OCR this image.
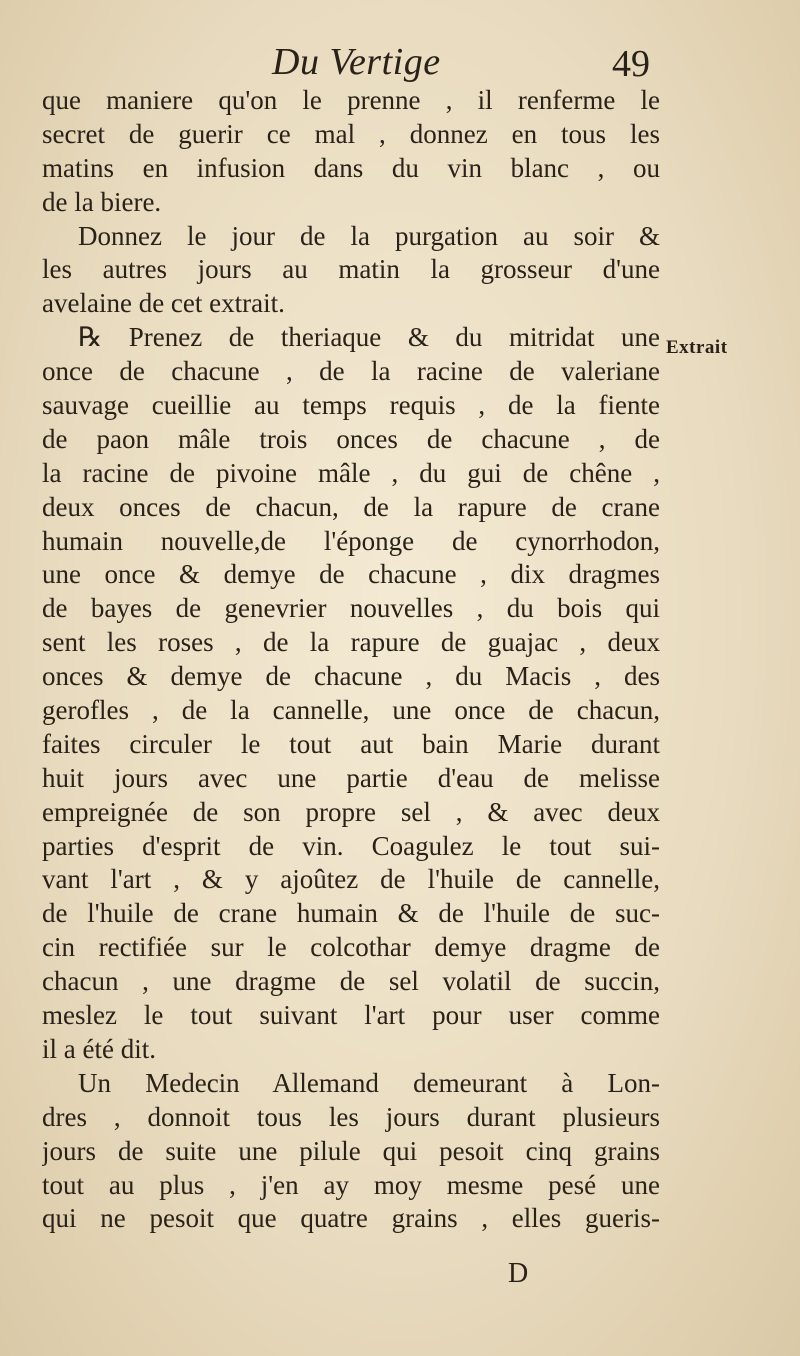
Du Vertige	49
Extrait
que maniere qu'on le prenne , il renferme le
secret de guerir ce mal , donnez en tous les
matins en infusion dans du vin blanc , ou
de la biere.
Donnez le jour de la purgation au soir &
les autres jours au matin la grosseur d'une
avelaine de cet extrait.
℞ Prenez de theriaque & du mitridat une
once de chacune , de la racine de valeriane
sauvage cueillie au temps requis , de la fiente
de paon mâle trois onces de chacune , de
la racine de pivoine mâle , du gui de chêne ,
deux onces de chacun, de la rapure de crane
humain nouvelle,de l'éponge de cynorrhodon,
une once & demye de chacune , dix dragmes
de bayes de genevrier nouvelles , du bois qui
sent les roses , de la rapure de guajac , deux
onces & demye de chacune , du Macis , des
gerofles , de la cannelle, une once de chacun,
faites circuler le tout aut bain Marie durant
huit jours avec une partie d'eau de melisse
empreignée de son propre sel , & avec deux
parties d'esprit de vin. Coagulez le tout sui-
vant l'art , & y ajoûtez de l'huile de cannelle,
de l'huile de crane humain & de l'huile de suc-
cin rectifiée sur le colcothar demye dragme de
chacun , une dragme de sel volatil de succin,
meslez le tout suivant l'art pour user comme
il a été dit.
Un Medecin Allemand demeurant à Lon-
dres , donnoit tous les jours durant plusieurs
jours de suite une pilule qui pesoit cinq grains
tout au plus , j'en ay moy mesme pesé une
qui ne pesoit que quatre grains , elles gueris-
D
